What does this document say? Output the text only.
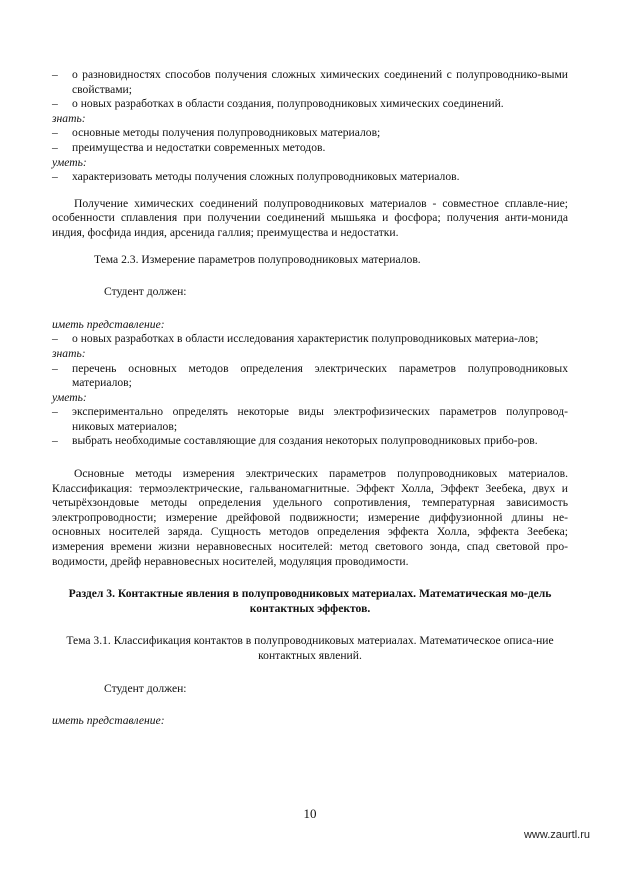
– о разновидностях способов получения сложных химических соединений с полупроводнико-выми свойствами;
– о новых разработках в области создания, полупроводниковых химических соединений.
знать:
– основные методы получения полупроводниковых материалов;
– преимущества и недостатки современных методов.
уметь:
– характеризовать методы получения сложных полупроводниковых материалов.
Получение химических соединений полупроводниковых материалов - совместное сплавле-ние; особенности сплавления при получении соединений мышьяка и фосфора; получения анти-монида индия, фосфида индия, арсенида галлия; преимущества и недостатки.
Тема 2.3. Измерение параметров полупроводниковых материалов.
Студент должен:
иметь представление:
– о новых разработках в области исследования характеристик полупроводниковых материа-лов;
знать:
– перечень основных методов определения электрических параметров полупроводниковых материалов;
уметь:
– экспериментально определять некоторые виды электрофизических параметров полупровод-никовых материалов;
– выбрать необходимые составляющие для создания некоторых полупроводниковых прибо-ров.
Основные методы измерения электрических параметров полупроводниковых материалов. Классификация: термоэлектрические, гальваномагнитные. Эффект Холла, Эффект Зеебека, двух и четырёхзондовые методы определения удельного сопротивления, температурная зависимость электропроводности; измерение дрейфовой подвижности; измерение диффузионной длины не-основных носителей заряда. Сущность методов определения эффекта Холла, эффекта Зеебека; измерения времени жизни неравновесных носителей: метод светового зонда, спад световой про-водимости, дрейф неравновесных носителей, модуляция проводимости.
Раздел 3. Контактные явления в полупроводниковых материалах. Математическая мо-дель контактных эффектов.
Тема 3.1. Классификация контактов в полупроводниковых материалах. Математическое описа-ние контактных явлений.
Студент должен:
иметь представление:
10
www.zaurtl.ru
